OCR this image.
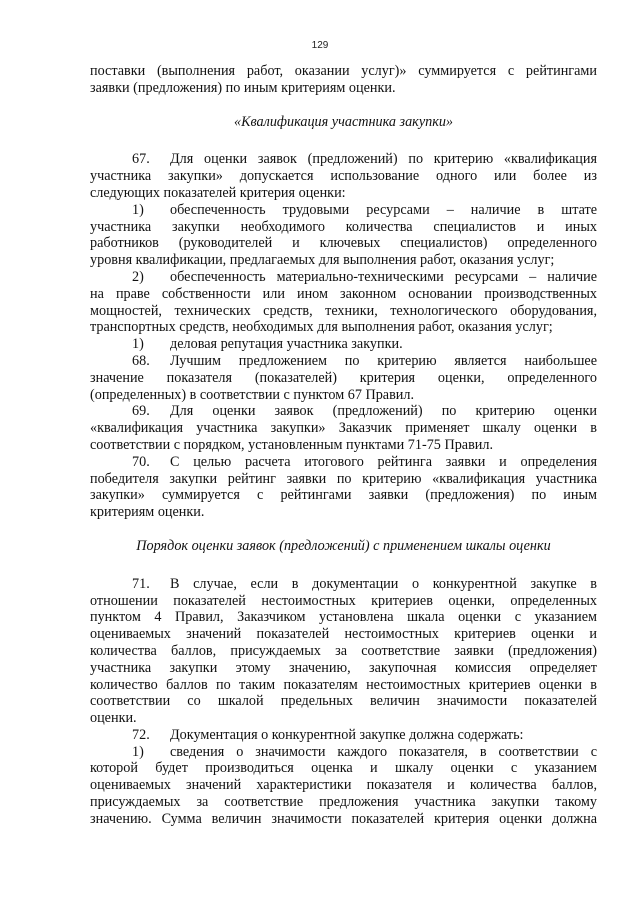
129

поставки (выполнения работ, оказании услуг)» суммируется с рейтингами

заявки (предложения) по иным критериям оценки.

«Квалификация участника закупки»

67. Для оценки заявок (предложений) по критерию «квалификация

участника закупки» допускается использование одного или более из

следующих показателей критерия оценки:

1) обеспеченность трудовыми ресурсами – наличие в штате

участника закупки необходимого количества специалистов и иных

работников (руководителей и ключевых специалистов) определенного

уровня квалификации, предлагаемых для выполнения работ, оказания услуг;

2) обеспеченность материально-техническими ресурсами – наличие

на праве собственности или ином законном основании производственных

мощностей, технических средств, техники, технологического оборудования,

транспортных средств, необходимых для выполнения работ, оказания услуг;

1) деловая репутация участника закупки.

68. Лучшим предложением по критерию является наибольшее

значение показателя (показателей) критерия оценки, определенного

(определенных) в соответствии с пунктом 67 Правил.

69. Для оценки заявок (предложений) по критерию оценки

«квалификация участника закупки» Заказчик применяет шкалу оценки в

соответствии с порядком, установленным пунктами 71-75 Правил.

70. С целью расчета итогового рейтинга заявки и определения

победителя закупки рейтинг заявки по критерию «квалификация участника

закупки» суммируется с рейтингами заявки (предложения) по иным

критериям оценки.

Порядок оценки заявок (предложений) с применением шкалы оценки

71. В случае, если в документации о конкурентной закупке в

отношении показателей нестоимостных критериев оценки, определенных

пунктом 4 Правил, Заказчиком установлена шкала оценки с указанием

оцениваемых значений показателей нестоимостных критериев оценки и

количества баллов, присуждаемых за соответствие заявки (предложения)

участника закупки этому значению, закупочная комиссия определяет

количество баллов по таким показателям нестоимостных критериев оценки в

соответствии со шкалой предельных величин значимости показателей

оценки.

72. Документация о конкурентной закупке должна содержать:

1) сведения о значимости каждого показателя, в соответствии с

которой будет производиться оценка и шкалу оценки с указанием

оцениваемых значений характеристики показателя и количества баллов,

присуждаемых за соответствие предложения участника закупки такому

значению. Сумма величин значимости показателей критерия оценки должна
